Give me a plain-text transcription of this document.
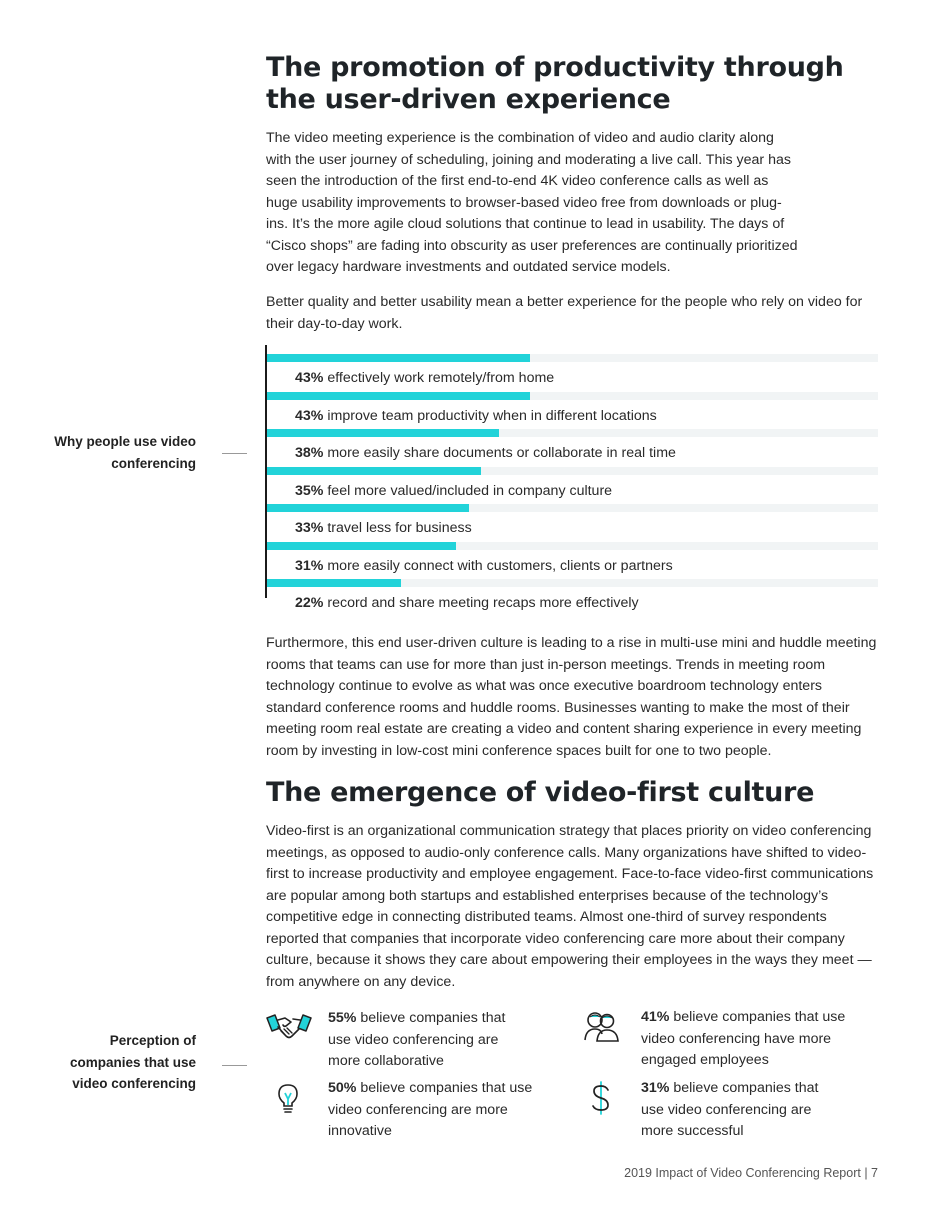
The promotion of productivity through the user-driven experience

The video meeting experience is the combination of video and audio clarity along with the user journey of scheduling, joining and moderating a live call. This year has seen the introduction of the first end-to-end 4K video conference calls as well as huge usability improvements to browser-based video free from downloads or plug-ins. It’s the more agile cloud solutions that continue to lead in usability. The days of “Cisco shops” are fading into obscurity as user preferences are continually prioritized over legacy hardware investments and outdated service models.

Better quality and better usability mean a better experience for the people who rely on video for their day-to-day work.

Why people use video conferencing
43% effectively work remotely/from home
43% improve team productivity when in different locations
38% more easily share documents or collaborate in real time
35% feel more valued/included in company culture
33% travel less for business
31% more easily connect with customers, clients or partners
22% record and share meeting recaps more effectively

Furthermore, this end user-driven culture is leading to a rise in multi-use mini and huddle meeting rooms that teams can use for more than just in-person meetings. Trends in meeting room technology continue to evolve as what was once executive boardroom technology enters standard conference rooms and huddle rooms. Businesses wanting to make the most of their meeting room real estate are creating a video and content sharing experience in every meeting room by investing in low-cost mini conference spaces built for one to two people.

The emergence of video-first culture

Video-first is an organizational communication strategy that places priority on video conferencing meetings, as opposed to audio-only conference calls. Many organizations have shifted to video-first to increase productivity and employee engagement. Face-to-face video-first communications are popular among both startups and established enterprises because of the technology’s competitive edge in connecting distributed teams. Almost one-third of survey respondents reported that companies that incorporate video conferencing care more about their company culture, because it shows they care about empowering their employees in the ways they meet — from anywhere on any device.

Perception of companies that use video conferencing
55% believe companies that use video conferencing are more collaborative
41% believe companies that use video conferencing have more engaged employees
50% believe companies that use video conferencing are more innovative
31% believe companies that use video conferencing are more successful
2019 Impact of Video Conferencing Report | 7
